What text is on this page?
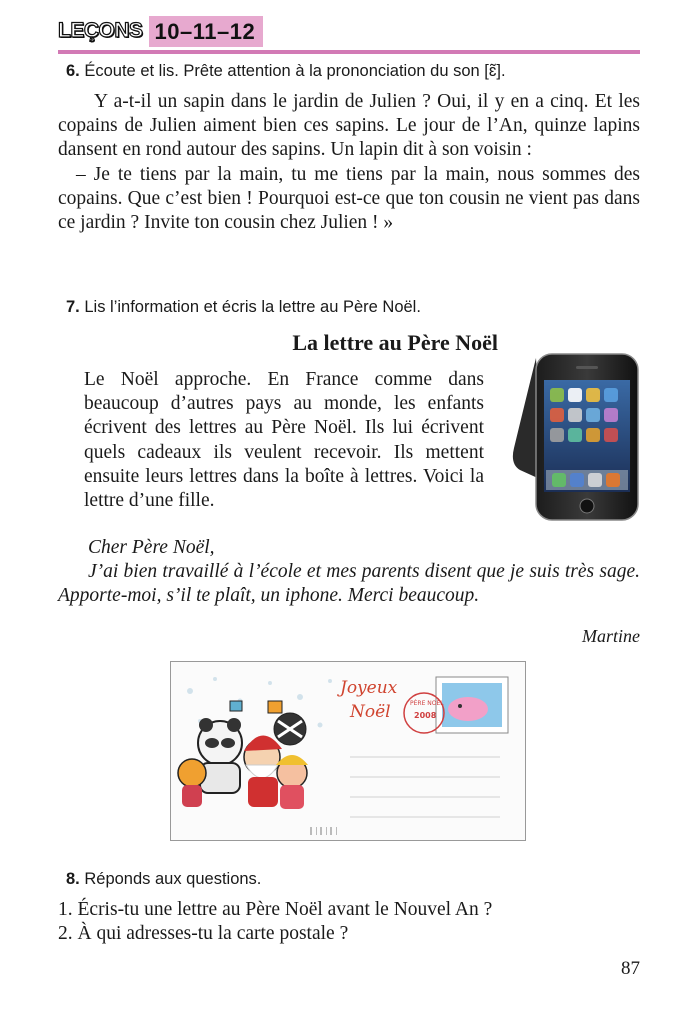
LEÇONS 10–11–12
6. Écoute et lis. Prête attention à la prononciation du son [ɛ̃].

Y a-t-il un sapin dans le jardin de Julien ? Oui, il y en a cinq. Et les copains de Julien aiment bien ces sapins. Le jour de l’An, quinze lapins dansent en rond autour des sapins. Un lapin dit à son voisin :

– Je te tiens par la main, tu me tiens par la main, nous sommes des copains. Que c’est bien ! Pourquoi est-ce que ton cousin ne vient pas dans ce jardin ? Invite ton cousin chez Julien ! »

7. Lis l’information et écris la lettre au Père Noël.
La lettre au Père Noël

Le Noël approche. En France comme dans beaucoup d’autres pays au monde, les enfants écrivent des lettres au Père Noël. Ils lui écrivent quels cadeaux ils veulent recevoir. Ils mettent ensuite leurs lettres dans la boîte à lettres. Voici la lettre d’une fille.

Cher Père Noël,

J’ai bien travaillé à l’école et mes parents disent que je suis très sage. Apporte-moi, s’il te plaît, un iphone. Merci beaucoup.

Martine
Joyeux
Noël	PÈRE NOËL
2008
8. Réponds aux questions.
1. Écris-tu une lettre au Père Noël avant le Nouvel An ?
2. À qui adresses-tu la carte postale ?
87
